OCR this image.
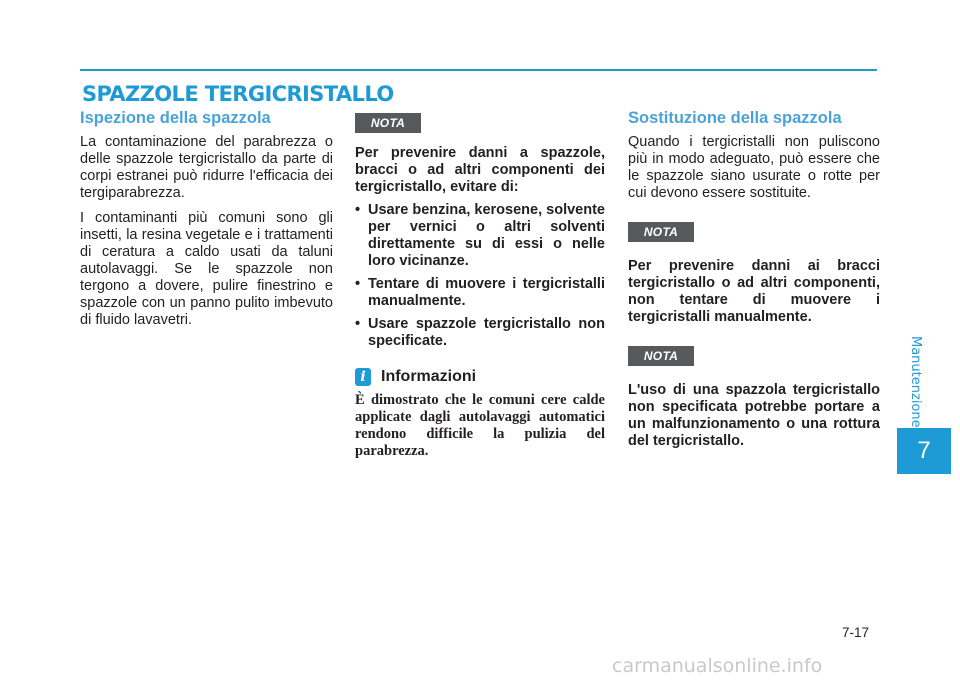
SPAZZOLE TERGICRISTALLO
Ispezione della spazzola

La contaminazione del parabrezza o delle spazzole tergicristallo da parte di corpi estranei può ridurre l'efficacia dei tergiparabrezza.

I contaminanti più comuni sono gli insetti, la resina vegetale e i trattamenti di ceratura a caldo usati da taluni autolavaggi. Se le spazzole non tergono a dovere, pulire finestrino e spazzole con un panno pulito imbevuto di fluido lavavetri.

NOTA

Per prevenire danni a spazzole, bracci o ad altri componenti dei tergicristallo, evitare di:

• Usare benzina, kerosene, solvente per vernici o altri solventi direttamente su di essi o nelle loro vicinanze.
• Tentare di muovere i tergicristalli manualmente.
• Usare spazzole tergicristallo non specificate.
i Informazioni

È dimostrato che le comuni cere calde applicate dagli autolavaggi automatici rendono difficile la pulizia del parabrezza.

Sostituzione della spazzola

Quando i tergicristalli non puliscono più in modo adeguato, può essere che le spazzole siano usurate o rotte per cui devono essere sostituite.

NOTA

Per prevenire danni ai bracci tergicristallo o ad altri componenti, non tentare di muovere i tergicristalli manualmente.

NOTA

L'uso di una spazzola tergicristallo non specificata potrebbe portare a un malfunzionamento o una rottura del tergicristallo.

Manutenzione
7
7-17
carmanualsonline.info
